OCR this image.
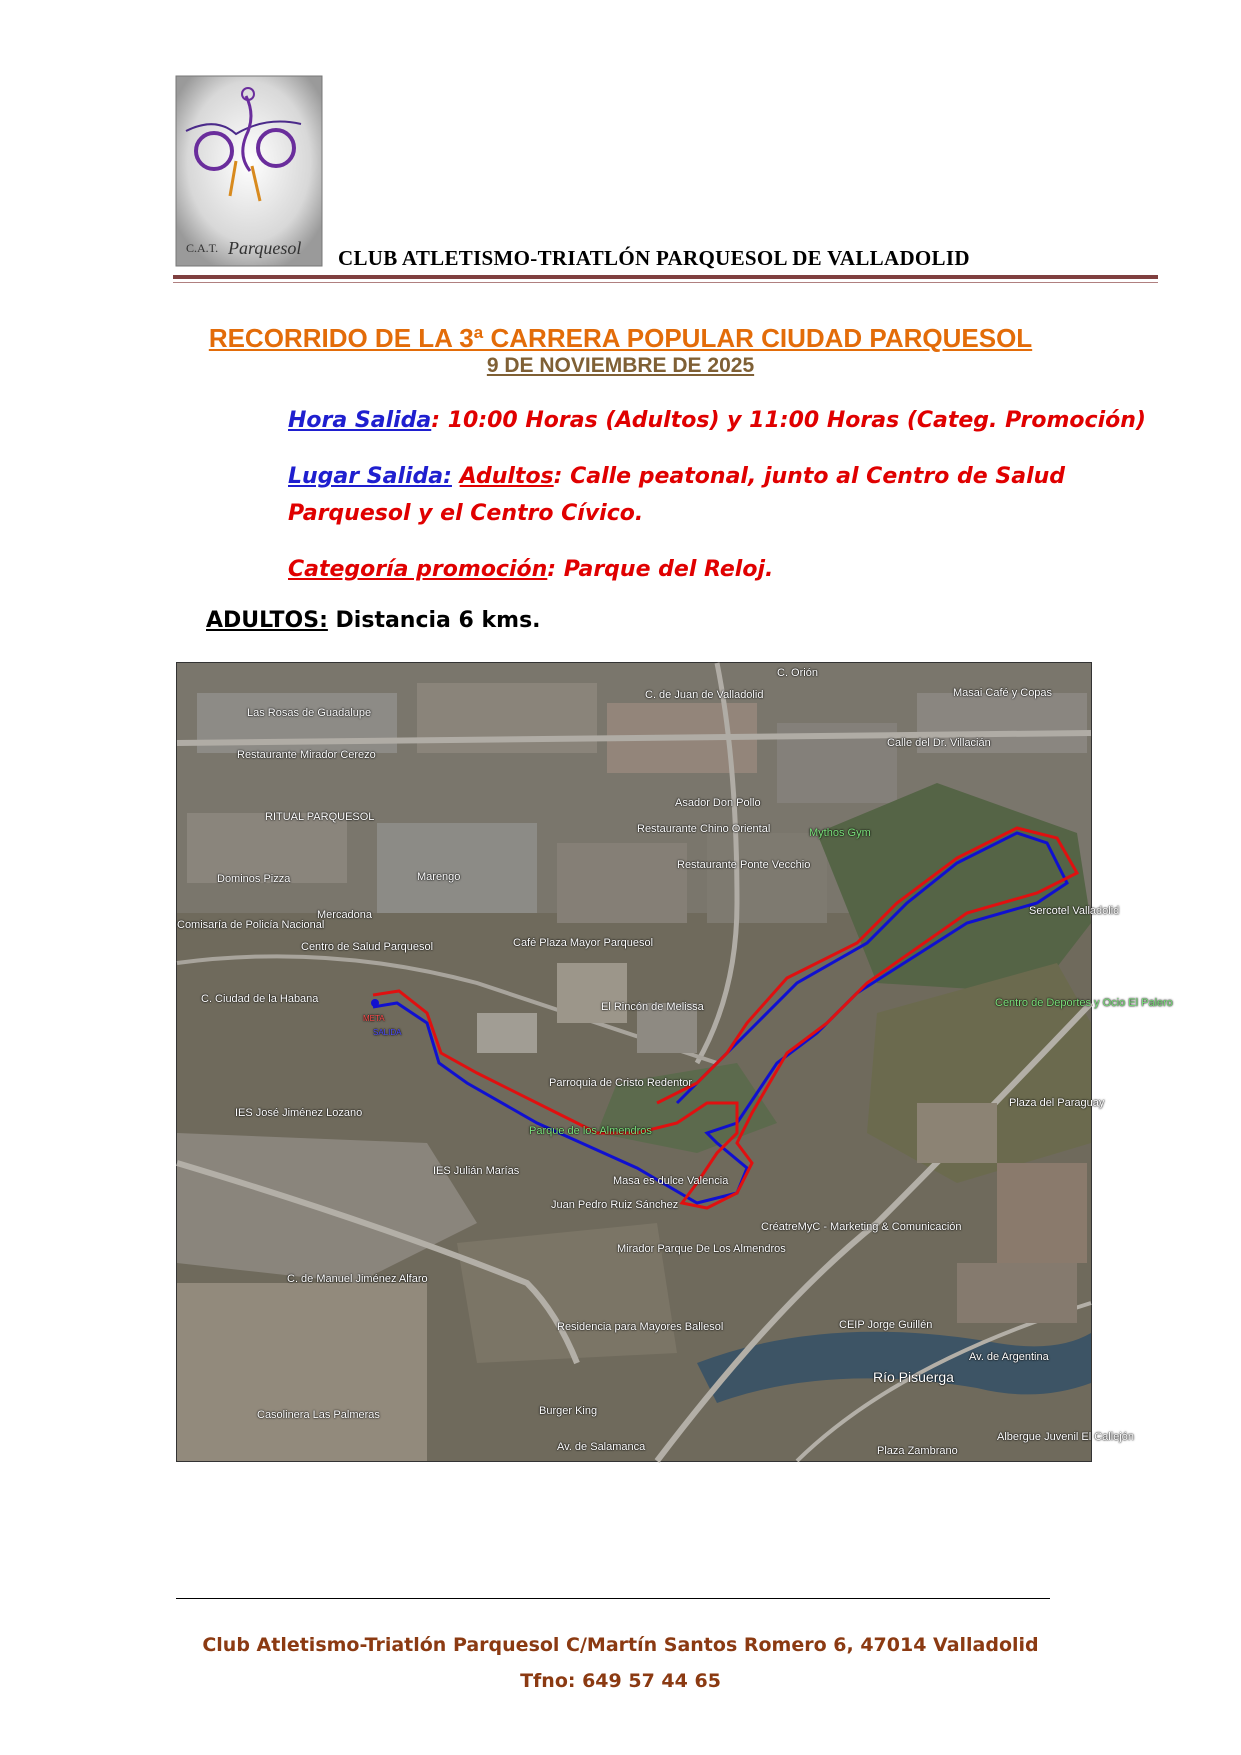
C.A.T. Parquesol CLUB ATLETISMO-TRIATLÓN PARQUESOL DE VALLADOLID
RECORRIDO DE LA 3ª CARRERA POPULAR CIUDAD PARQUESOL
9 DE NOVIEMBRE DE 2025
Hora Salida: 10:00 Horas (Adultos) y 11:00 Horas (Categ. Promoción)
Lugar Salida: Adultos: Calle peatonal, junto al Centro de Salud
Parquesol y el Centro Cívico.
Categoría promoción: Parque del Reloj.
ADULTOS: Distancia 6 kms.
C. Orión
C. de Juan de Valladolid	Masai Café y Copas
Calle del Dr. Villacián
Las Rosas de Guadalupe
Restaurante Mirador Cerezo
Asador Don Pollo
Restaurante Chino Oriental	Mythos Gym
RITUAL PARQUESOL
Restaurante Ponte Vecchio
Marengo
Dominos Pizza
Mercadona
Comisaría de Policía Nacional
Café Plaza Mayor Parquesol
Centro de Salud Parquesol
Sercotel Valladolid
El Rincón de Melissa	Centro de Deportes y Ocio El Palero
C. Ciudad de la Habana
META
SALIDA
Parroquia de Cristo Redentor
IES José Jiménez Lozano
Parque de los Almendros
Plaza del Paraguay
IES Julián Marías
Masa es dulce Valencia
Juan Pedro Ruiz Sánchez
CréatreMyC - Marketing & Comunicación
Mirador Parque De Los Almendros
C. de Manuel Jiménez Alfaro
Residencia para Mayores Ballesol	CEIP Jorge Guillén
Av. de Argentina
Río Pisuerga
Casolinera Las Palmeras	Burger King
Av. de Salamanca
Albergue Juvenil El Callejón
Plaza Zambrano
Club Atletismo-Triatlón Parquesol C/Martín Santos Romero 6, 47014 Valladolid
Tfno: 649 57 44 65
